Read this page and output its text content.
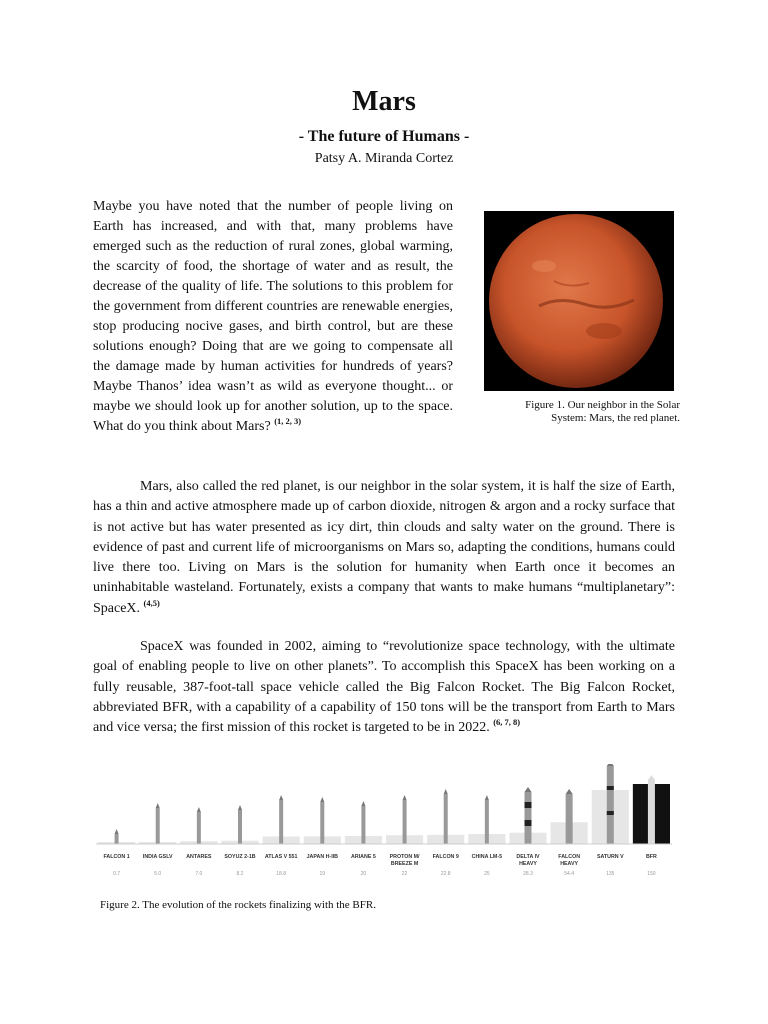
Mars
- The future of Humans -
Patsy A. Miranda Cortez
Maybe you have noted that the number of people living on Earth has increased, and with that, many problems have emerged such as the reduction of rural zones, global warming, the scarcity of food, the shortage of water and as result, the decrease of the quality of life. The solutions to this problem for the government from different countries are renewable energies, stop producing nocive gases, and birth control, but are these solutions enough? Doing that are we going to compensate all the damage made by human activities for hundreds of years? Maybe Thanos’ idea wasn’t as wild as everyone thought... or maybe we should look up for another solution, up to the space. What do you think about Mars? $^{(1, 2, 3)}$
Figure 1. Our neighbor in the Solar System: Mars, the red planet.
Mars, also called the red planet, is our neighbor in the solar system, it is half the size of Earth, has a thin and active atmosphere made up of carbon dioxide, nitrogen & argon and a rocky surface that is not active but has water presented as icy dirt, thin clouds and salty water on the ground. There is evidence of past and current life of microorganisms on Mars so, adapting the conditions, humans could live there too. Living on Mars is the solution for humanity when Earth once it becomes an uninhabitable wasteland. Fortunately, exists a company that wants to make humans “multiplanetary”: SpaceX. $^{(4,5)}$
SpaceX was founded in 2002, aiming to “revolutionize space technology, with the ultimate goal of enabling people to live on other planets”. To accomplish this SpaceX has been working on a fully reusable, 387-foot-tall space vehicle called the Big Falcon Rocket. The Big Falcon Rocket, abbreviated BFR, with a capability of a capability of 150 tons will be the transport from Earth to Mars and vice versa; the first mission of this rocket is targeted to be in 2022. $^{(6, 7, 8)}$
FALCON 1
0.7
INDIA GSLV
5.0
ANTARES
7.0
SOYUZ 2-1B
8.2
ATLAS V 551
18.8
JAPAN H-IIB
19
ARIANE 5
20
PROTON M/
BREEZE M
22
FALCON 9
22.8
CHINA LM-5
25
DELTA IV
HEAVY
28.3
FALCON
HEAVY
54.4
SATURN V
135
BFR
150
Figure 2. The evolution of the rockets finalizing with the BFR.
